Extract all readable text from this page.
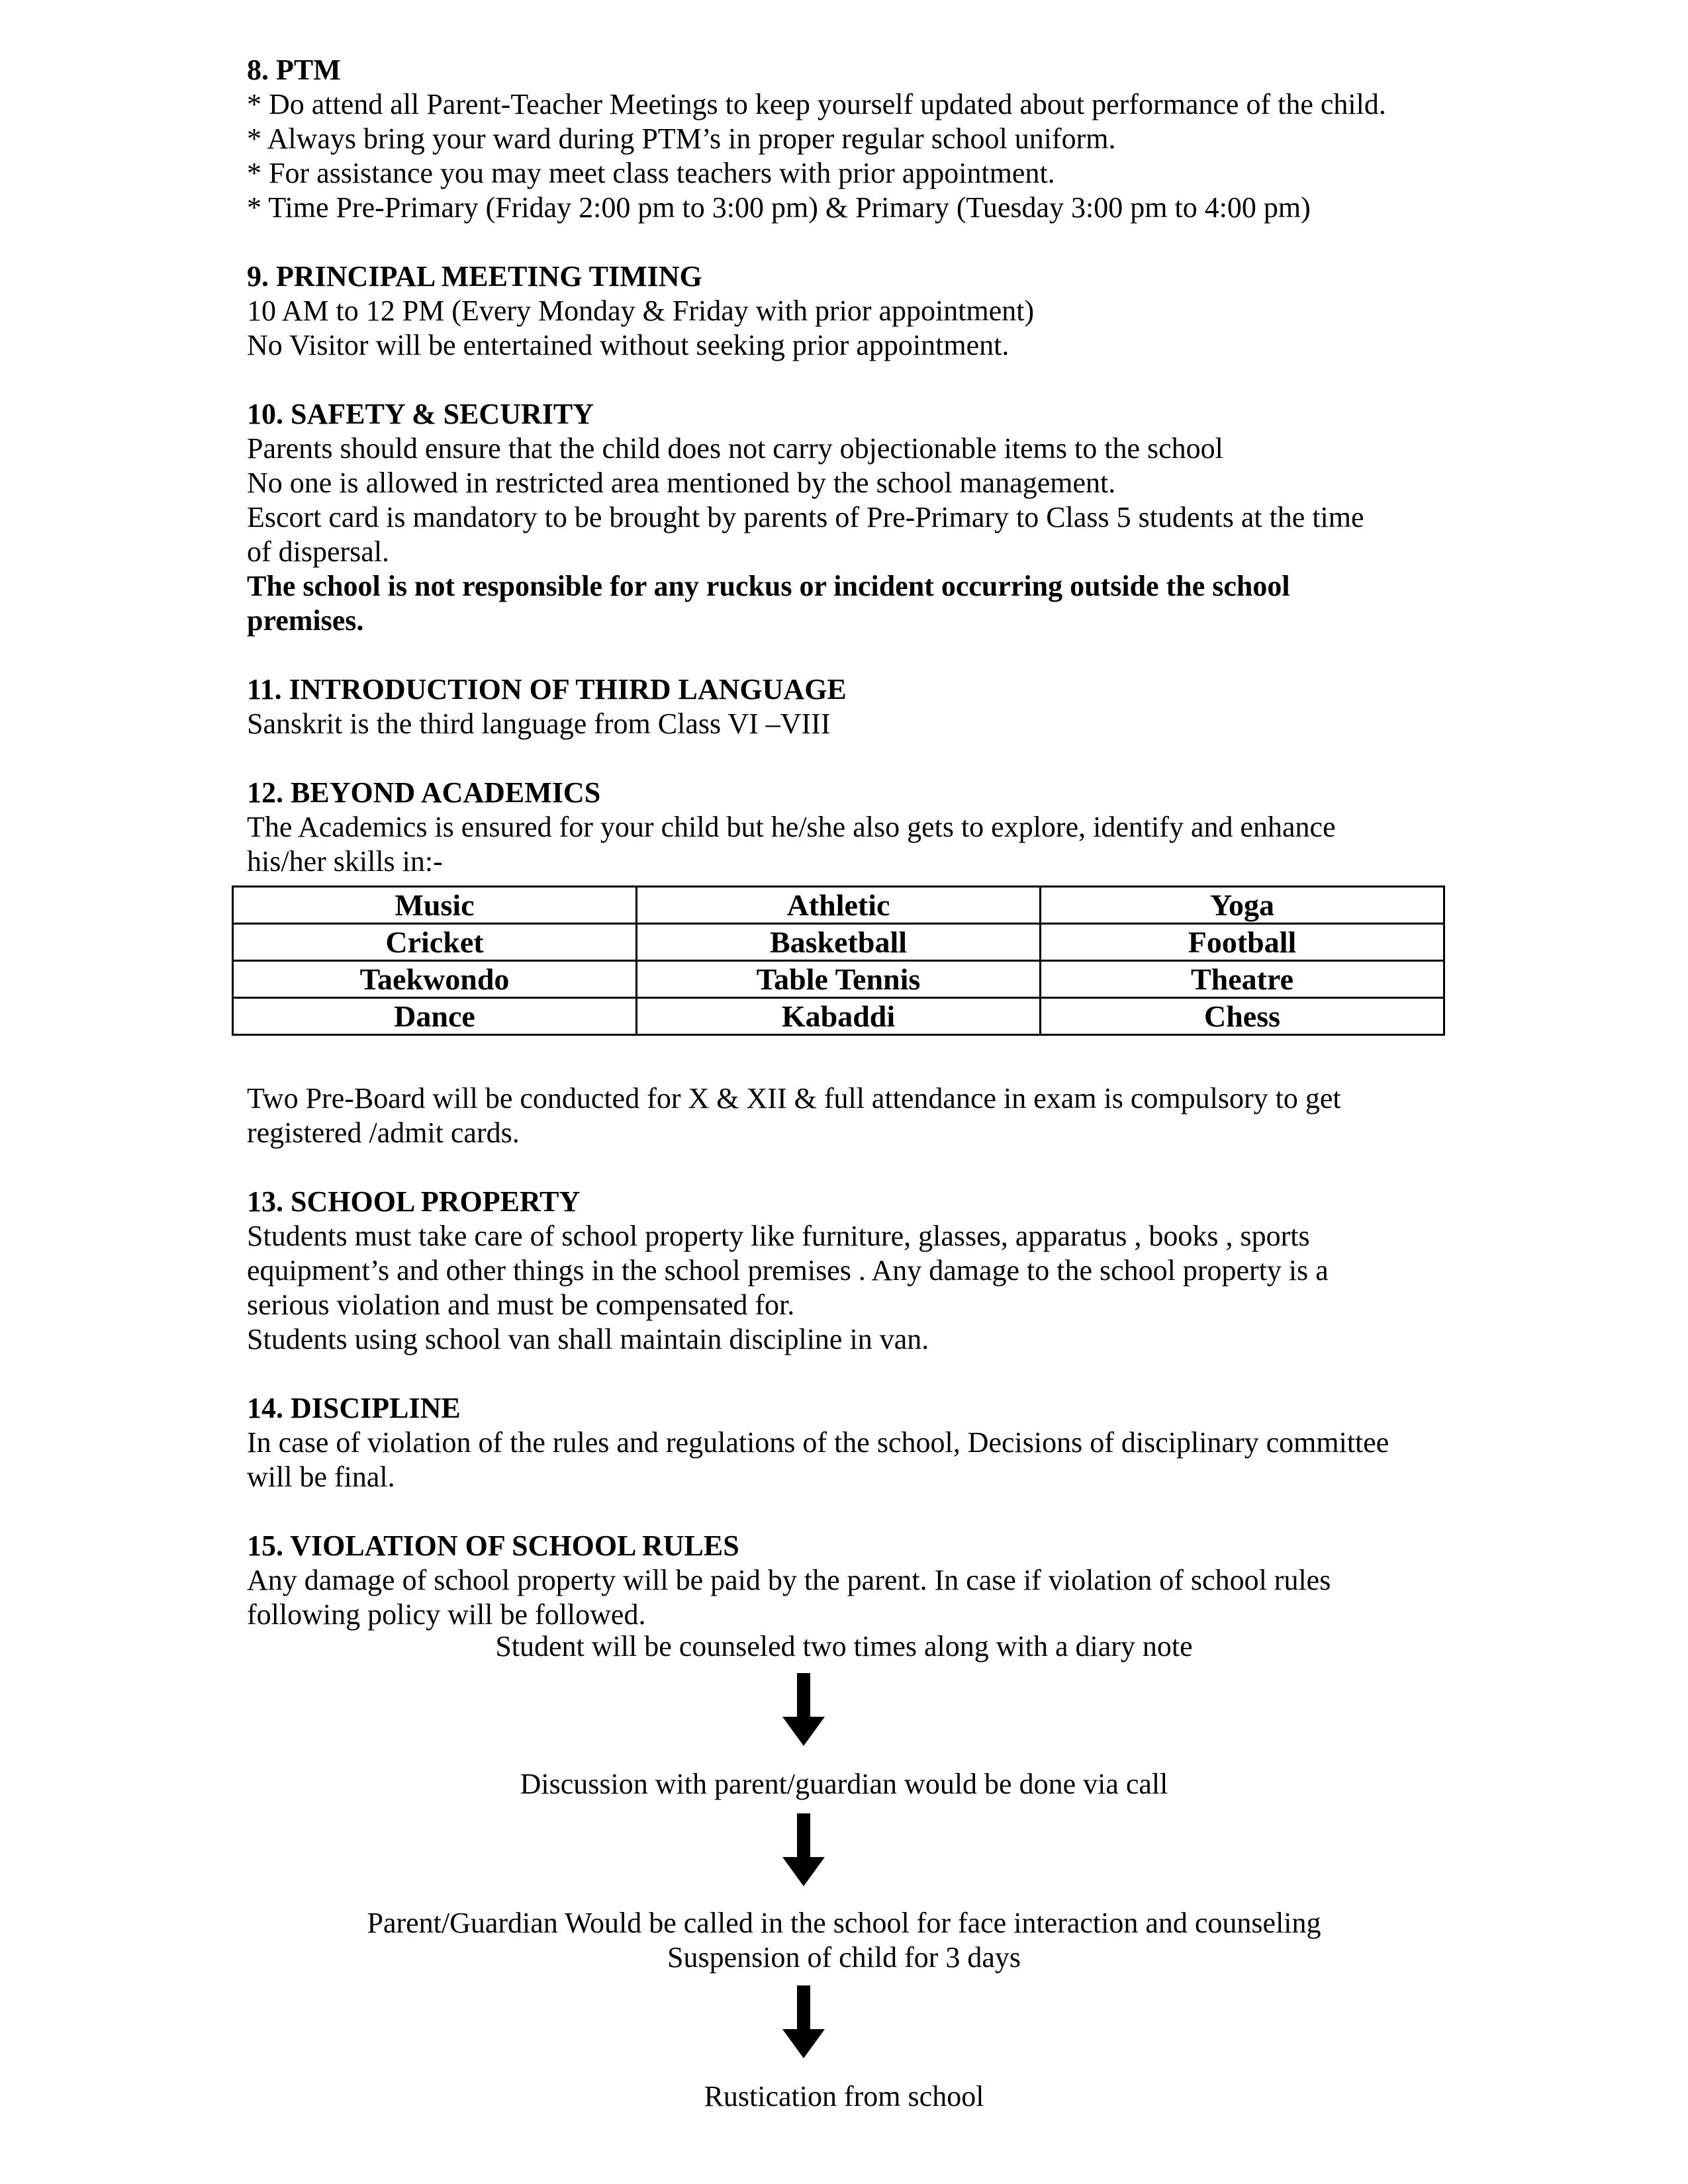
8. PTM

* Do attend all Parent-Teacher Meetings to keep yourself updated about performance of the child.

* Always bring your ward during PTM’s in proper regular school uniform.

* For assistance you may meet class teachers with prior appointment.

* Time Pre-Primary (Friday 2:00 pm to 3:00 pm) & Primary (Tuesday 3:00 pm to 4:00 pm)

9. PRINCIPAL MEETING TIMING

10 AM to 12 PM (Every Monday & Friday with prior appointment)

No Visitor will be entertained without seeking prior appointment.

10. SAFETY & SECURITY

Parents should ensure that the child does not carry objectionable items to the school

No one is allowed in restricted area mentioned by the school management.

Escort card is mandatory to be brought by parents of Pre-Primary to Class 5 students at the time

of dispersal.

The school is not responsible for any ruckus or incident occurring outside the school

premises.

11. INTRODUCTION OF THIRD LANGUAGE

Sanskrit is the third language from Class VI –VIII

12. BEYOND ACADEMICS

The Academics is ensured for your child but he/she also gets to explore, identify and enhance

his/her skills in:-

Music	Athletic	Yoga
Cricket	Basketball	Football
Taekwondo	Table Tennis	Theatre
Dance	Kabaddi	Chess

Two Pre-Board will be conducted for X & XII & full attendance in exam is compulsory to get

registered /admit cards.

13. SCHOOL PROPERTY

Students must take care of school property like furniture, glasses, apparatus , books , sports

equipment’s and other things in the school premises . Any damage to the school property is a

serious violation and must be compensated for.

Students using school van shall maintain discipline in van.

14. DISCIPLINE

In case of violation of the rules and regulations of the school, Decisions of disciplinary committee

will be final.

15. VIOLATION OF SCHOOL RULES

Any damage of school property will be paid by the parent. In case if violation of school rules

following policy will be followed.

Student will be counseled two times along with a diary note
Discussion with parent/guardian would be done via call
Parent/Guardian Would be called in the school for face interaction and counseling
Suspension of child for 3 days
Rustication from school
